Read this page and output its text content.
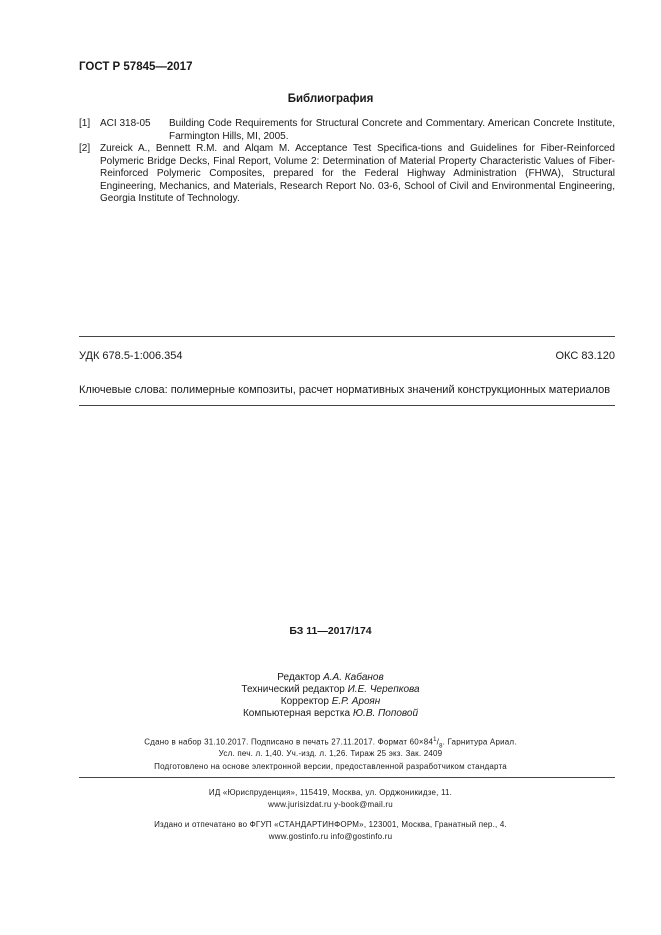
ГОСТ Р 57845—2017
Библиография
[1] ACI 318-05	Building Code Requirements for Structural Concrete and Commentary. American Concrete Institute, Farmington Hills, MI, 2005.
[2] Zureick A., Bennett R.M. and Alqam M. Acceptance Test Specifica-tions and Guidelines for Fiber-Reinforced Polymeric Bridge Decks, Final Report, Volume 2: Determination of Material Property Characteristic Values of Fiber-Reinforced Polymeric Composites, prepared for the Federal Highway Administration (FHWA), Structural Engineering, Mechanics, and Materials, Research Report No. 03-6, School of Civil and Environmental Engineering, Georgia Institute of Technology.
УДК 678.5-1:006.354	ОКС 83.120
Ключевые слова: полимерные композиты, расчет нормативных значений конструкционных материалов
БЗ 11—2017/174
Редактор А.А. Кабанов
Технический редактор И.Е. Черепкова
Корректор Е.Р. Ароян
Компьютерная верстка Ю.В. Поповой
Сдано в набор 31.10.2017. Подписано в печать 27.11.2017. Формат $60\times 84^1/_8$. Гарнитура Ариал.
Усл. печ. л. 1,40. Уч.-изд. л. 1,26. Тираж 25 экз. Зак. 2409
Подготовлено на основе электронной версии, предоставленной разработчиком стандарта
ИД «Юриспруденция», 115419, Москва, ул. Орджоникидзе, 11.
www.jurisizdat.ru y-book@mail.ru
Издано и отпечатано во ФГУП «СТАНДАРТИНФОРМ», 123001, Москва, Гранатный пер., 4.
www.gostinfo.ru info@gostinfo.ru
